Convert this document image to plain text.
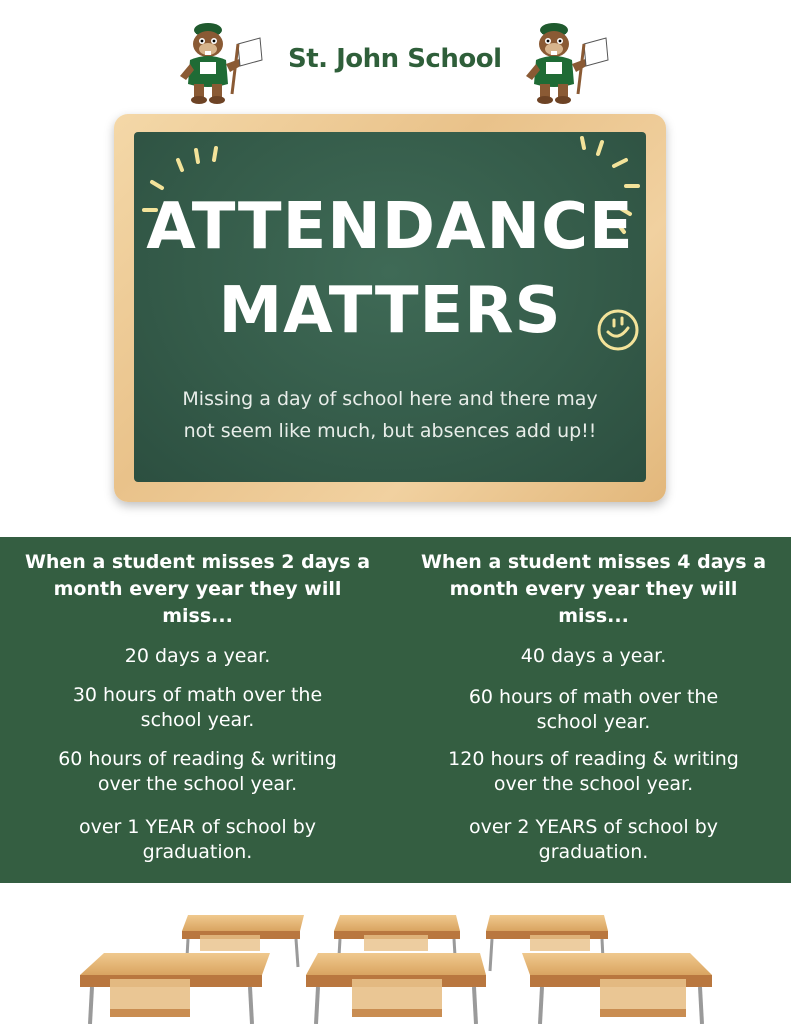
St. John School
ATTENDANCE
MATTERS
Missing a day of school here and there may
not seem like much, but absences add up!!
When a student misses 2 days a
month every year they will
miss...
20 days a year.
30 hours of math over the
school year.
60 hours of reading & writing
over the school year.
over 1 YEAR of school by
graduation.
When a student misses 4 days a
month every year they will
miss...
40 days a year.
60 hours of math over the
school year.
120 hours of reading & writing
over the school year.
over 2 YEARS of school by
graduation.
